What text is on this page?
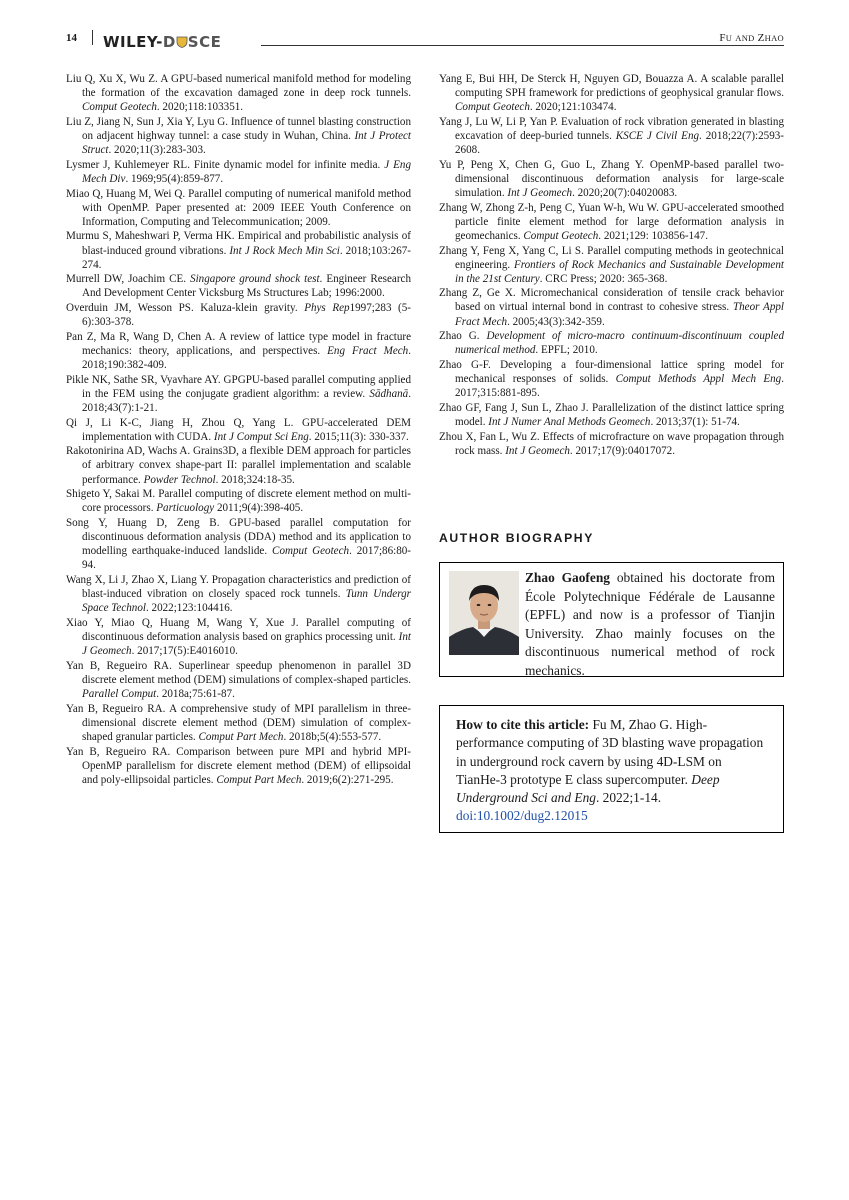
14 WILEY-D SCE	FU AND ZHAO

Liu Q, Xu X, Wu Z. A GPU-based numerical manifold method for modeling the formation of the excavation damaged zone in deep rock tunnels. Comput Geotech. 2020;118:103351.

Liu Z, Jiang N, Sun J, Xia Y, Lyu G. Influence of tunnel blasting construction on adjacent highway tunnel: a case study in Wuhan, China. Int J Protect Struct. 2020;11(3):283-303.

Lysmer J, Kuhlemeyer RL. Finite dynamic model for infinite media. J Eng Mech Div. 1969;95(4):859-877.

Miao Q, Huang M, Wei Q. Parallel computing of numerical manifold method with OpenMP. Paper presented at: 2009 IEEE Youth Conference on Information, Computing and Telecommunication; 2009.

Murmu S, Maheshwari P, Verma HK. Empirical and probabilistic analysis of blast-induced ground vibrations. Int J Rock Mech Min Sci. 2018;103:267-274.

Murrell DW, Joachim CE. Singapore ground shock test. Engineer Research And Development Center Vicksburg Ms Structures Lab; 1996:2000.

Overduin JM, Wesson PS. Kaluza-klein gravity. Phys Rep1997;283 (5-6):303-378.

Pan Z, Ma R, Wang D, Chen A. A review of lattice type model in fracture mechanics: theory, applications, and perspectives. Eng Fract Mech. 2018;190:382-409.

Pikle NK, Sathe SR, Vyavhare AY. GPGPU-based parallel computing applied in the FEM using the conjugate gradient algorithm: a review. Sādhanā. 2018;43(7):1-21.

Qi J, Li K-C, Jiang H, Zhou Q, Yang L. GPU-accelerated DEM implementation with CUDA. Int J Comput Sci Eng. 2015;11(3): 330-337.

Rakotonirina AD, Wachs A. Grains3D, a flexible DEM approach for particles of arbitrary convex shape-part II: parallel implementation and scalable performance. Powder Technol. 2018;324:18-35.

Shigeto Y, Sakai M. Parallel computing of discrete element method on multi-core processors. Particuology 2011;9(4):398-405.

Song Y, Huang D, Zeng B. GPU-based parallel computation for discontinuous deformation analysis (DDA) method and its application to modelling earthquake-induced landslide. Comput Geotech. 2017;86:80-94.

Wang X, Li J, Zhao X, Liang Y. Propagation characteristics and prediction of blast-induced vibration on closely spaced rock tunnels. Tunn Undergr Space Technol. 2022;123:104416.

Xiao Y, Miao Q, Huang M, Wang Y, Xue J. Parallel computing of discontinuous deformation analysis based on graphics processing unit. Int J Geomech. 2017;17(5):E4016010.

Yan B, Regueiro RA. Superlinear speedup phenomenon in parallel 3D discrete element method (DEM) simulations of complex-shaped particles. Parallel Comput. 2018a;75:61-87.

Yan B, Regueiro RA. A comprehensive study of MPI parallelism in three-dimensional discrete element method (DEM) simulation of complex-shaped granular particles. Comput Part Mech. 2018b;5(4):553-577.

Yan B, Regueiro RA. Comparison between pure MPI and hybrid MPI-OpenMP parallelism for discrete element method (DEM) of ellipsoidal and poly-ellipsoidal particles. Comput Part Mech. 2019;6(2):271-295.

Yang E, Bui HH, De Sterck H, Nguyen GD, Bouazza A. A scalable parallel computing SPH framework for predictions of geophysical granular flows. Comput Geotech. 2020;121:103474.

Yang J, Lu W, Li P, Yan P. Evaluation of rock vibration generated in blasting excavation of deep-buried tunnels. KSCE J Civil Eng. 2018;22(7):2593-2608.

Yu P, Peng X, Chen G, Guo L, Zhang Y. OpenMP-based parallel two-dimensional discontinuous deformation analysis for large-scale simulation. Int J Geomech. 2020;20(7):04020083.

Zhang W, Zhong Z-h, Peng C, Yuan W-h, Wu W. GPU-accelerated smoothed particle finite element method for large deformation analysis in geomechanics. Comput Geotech. 2021;129: 103856-147.

Zhang Y, Feng X, Yang C, Li S. Parallel computing methods in geotechnical engineering. Frontiers of Rock Mechanics and Sustainable Development in the 21st Century. CRC Press; 2020: 365-368.

Zhang Z, Ge X. Micromechanical consideration of tensile crack behavior based on virtual internal bond in contrast to cohesive stress. Theor Appl Fract Mech. 2005;43(3):342-359.

Zhao G. Development of micro-macro continuum-discontinuum coupled numerical method. EPFL; 2010.

Zhao G-F. Developing a four-dimensional lattice spring model for mechanical responses of solids. Comput Methods Appl Mech Eng. 2017;315:881-895.

Zhao GF, Fang J, Sun L, Zhao J. Parallelization of the distinct lattice spring model. Int J Numer Anal Methods Geomech. 2013;37(1): 51-74.

Zhou X, Fan L, Wu Z. Effects of microfracture on wave propagation through rock mass. Int J Geomech. 2017;17(9):04017072.

AUTHOR BIOGRAPHY
Zhao Gaofeng obtained his doctorate from École Polytechnique Fédérale de Lausanne (EPFL) and now is a professor of Tianjin University. Zhao mainly focuses on the discontinuous numerical method of rock mechanics.
How to cite this article: Fu M, Zhao G. High-performance computing of 3D blasting wave propagation in underground rock cavern by using 4D-LSM on TianHe-3 prototype E class supercomputer. Deep Underground Sci and Eng. 2022;1-14. doi:10.1002/dug2.12015
